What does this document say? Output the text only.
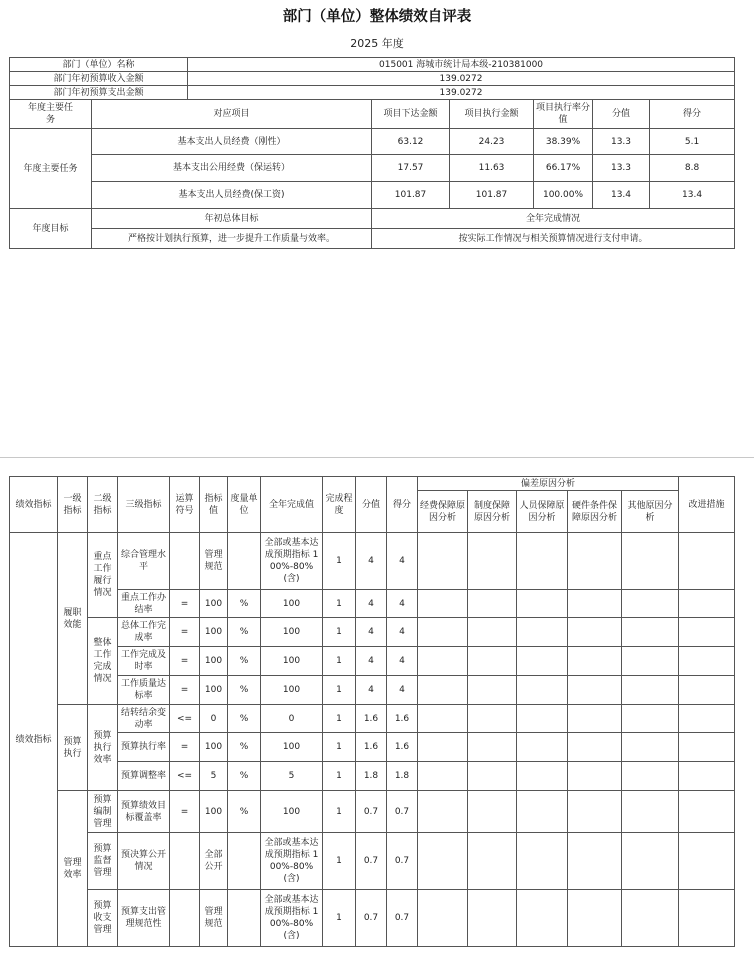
部门（单位）整体绩效自评表
2025 年度
部门（单位）名称		015001 海城市统计局本级-210381000					
部门年初预算收入金额		139.0272					
部门年初预算支出金额		139.0272					
年度主要任务	对应项目		项目下达金额	项目执行金额	项目执行率分值	分值	得分
年度主要任务	基本支出人员经费（刚性）		63.12	24.23	38.39%	13.3	5.1
	基本支出公用经费（保运转）		17.57	11.63	66.17%	13.3	8.8
	基本支出人员经费(保工资)		101.87	101.87	100.00%	13.4	13.4
年度目标	年初总体目标		全年完成情况				
	严格按计划执行预算，进一步提升工作质量与效率。		按实际工作情况与相关预算情况进行支付申请。				
绩效指标	一级指标	二级指标	三级指标	运算符号	指标值	度量单位	全年完成值	完成程度	分值	得分	偏差原因分析					改进措施
											经费保障原因分析	制度保障原因分析	人员保障原因分析	硬件条件保障原因分析	其他原因分析	
绩效指标	履职效能	重点工作履行情况	综合管理水平		管理规范		全部或基本达成预期指标 100%-80%(含)	1	4	4						
			重点工作办结率	=	100	%	100	1	4	4						
		整体工作完成情况	总体工作完成率	=	100	%	100	1	4	4						
			工作完成及时率	=	100	%	100	1	4	4						
			工作质量达标率	=	100	%	100	1	4	4						
	预算执行	预算执行效率	结转结余变动率	<=	0	%	0	1	1.6	1.6						
			预算执行率	=	100	%	100	1	1.6	1.6						
			预算调整率	<=	5	%	5	1	1.8	1.8						
	管理效率	预算编制管理	预算绩效目标覆盖率	=	100	%	100	1	0.7	0.7						
		预算监督管理	预决算公开情况		全部公开		全部或基本达成预期指标 100%-80%(含)	1	0.7	0.7						
		预算收支管理	预算支出管理规范性		管理规范		全部或基本达成预期指标 100%-80%(含)	1	0.7	0.7						
